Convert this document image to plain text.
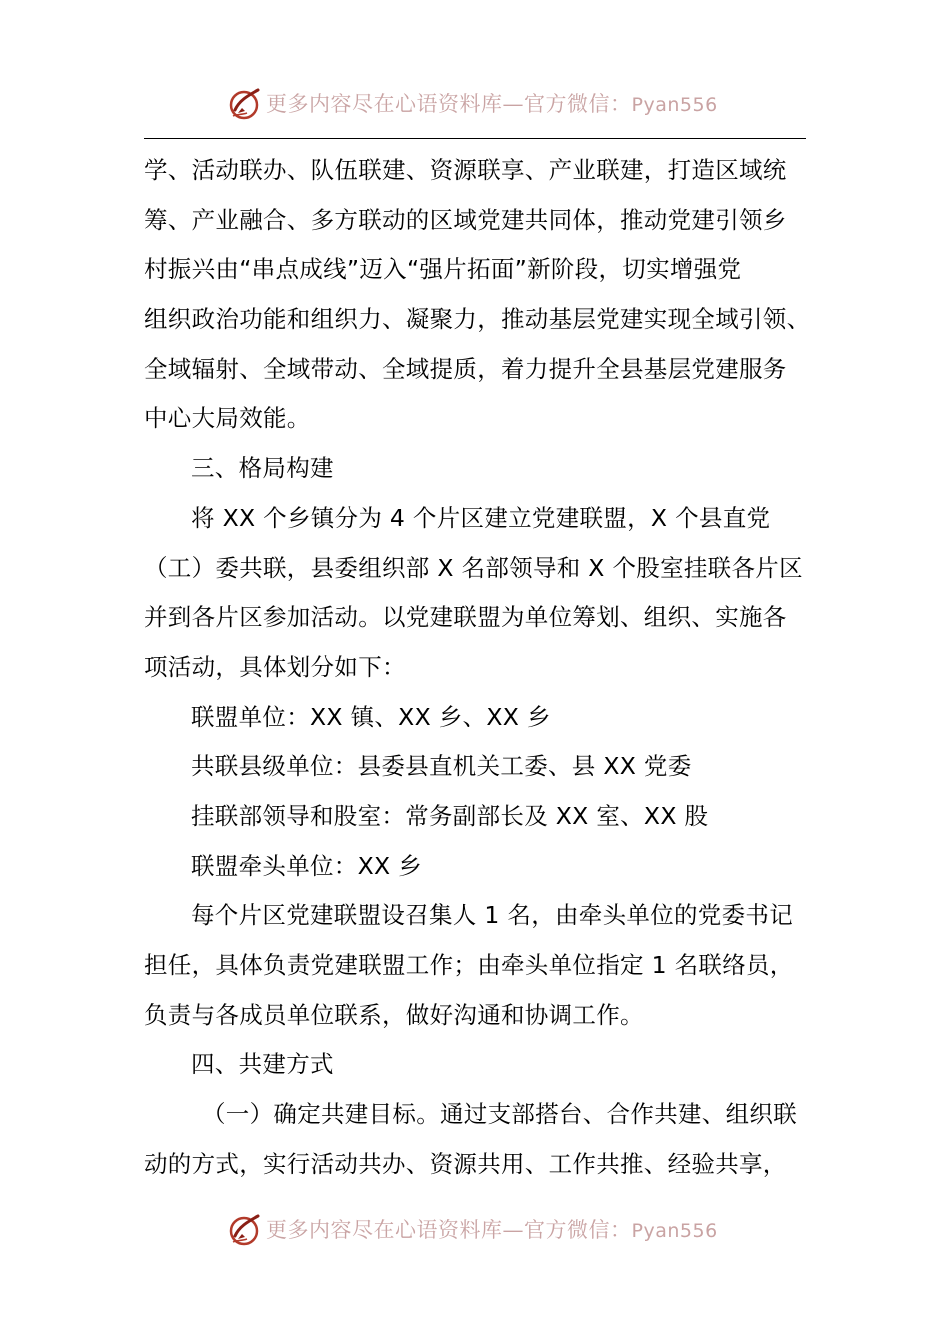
更多内容尽在心语资料库—官方微信：Pyan556
学、活动联办、队伍联建、资源联享、产业联建，打造区域统
筹、产业融合、多方联动的区域党建共同体，推动党建引领乡
村振兴由“串点成线”迈入“强片拓面”新阶段，切实增强党
组织政治功能和组织力、凝聚力，推动基层党建实现全域引领、
全域辐射、全域带动、全域提质，着力提升全县基层党建服务
中心大局效能。
三、格局构建
将 XX 个乡镇分为 4 个片区建立党建联盟，X 个县直党
（工）委共联，县委组织部 X 名部领导和 X 个股室挂联各片区
并到各片区参加活动。以党建联盟为单位筹划、组织、实施各
项活动，具体划分如下：
联盟单位：XX 镇、XX 乡、XX 乡
共联县级单位：县委县直机关工委、县 XX 党委
挂联部领导和股室：常务副部长及 XX 室、XX 股
联盟牵头单位：XX 乡
每个片区党建联盟设召集人 1 名，由牵头单位的党委书记
担任，具体负责党建联盟工作；由牵头单位指定 1 名联络员，
负责与各成员单位联系，做好沟通和协调工作。
四、共建方式
（一）确定共建目标。通过支部搭台、合作共建、组织联
动的方式，实行活动共办、资源共用、工作共推、经验共享，
更多内容尽在心语资料库—官方微信：Pyan556
